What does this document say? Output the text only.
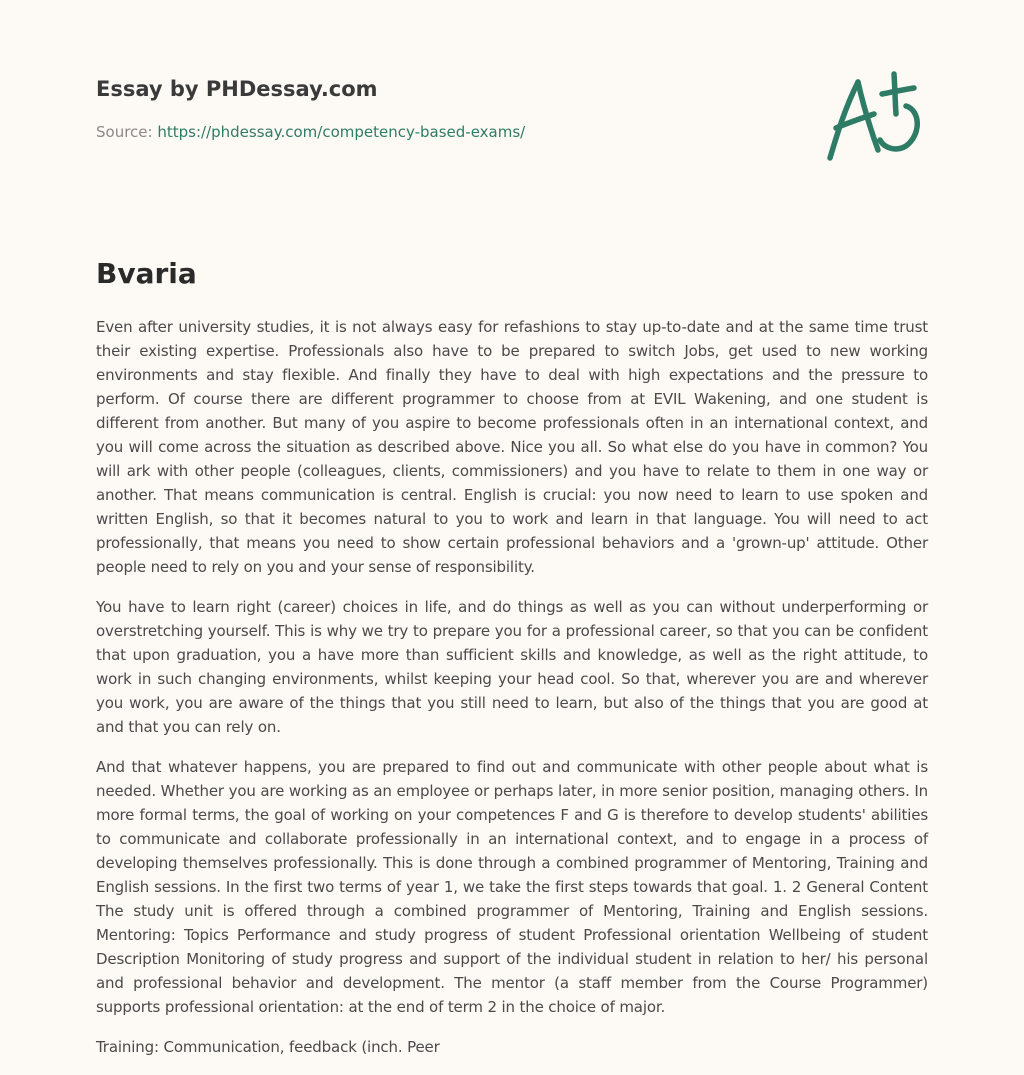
Essay by PHDessay.com
Source: https://phdessay.com/competency-based-exams/
Bvaria

Even after university studies, it is not always easy for refashions to stay up-to-date and at the same time trust their existing expertise. Professionals also have to be prepared to switch Jobs, get used to new working environments and stay flexible. And finally they have to deal with high expectations and the pressure to perform. Of course there are different programmer to choose from at EVIL Wakening, and one student is different from another. But many of you aspire to become professionals often in an international context, and you will come across the situation as described above. Nice you all. So what else do you have in common? You will ark with other people (colleagues, clients, commissioners) and you have to relate to them in one way or another. That means communication is central. English is crucial: you now need to learn to use spoken and written English, so that it becomes natural to you to work and learn in that language. You will need to act professionally, that means you need to show certain professional behaviors and a 'grown-up' attitude. Other people need to rely on you and your sense of responsibility.

You have to learn right (career) choices in life, and do things as well as you can without underperforming or overstretching yourself. This is why we try to prepare you for a professional career, so that you can be confident that upon graduation, you a have more than sufficient skills and knowledge, as well as the right attitude, to work in such changing environments, whilst keeping your head cool. So that, wherever you are and wherever you work, you are aware of the things that you still need to learn, but also of the things that you are good at and that you can rely on.

And that whatever happens, you are prepared to find out and communicate with other people about what is needed. Whether you are working as an employee or perhaps later, in more senior position, managing others. In more formal terms, the goal of working on your competences F and G is therefore to develop students' abilities to communicate and collaborate professionally in an international context, and to engage in a process of developing themselves professionally. This is done through a combined programmer of Mentoring, Training and English sessions. In the first two terms of year 1, we take the first steps towards that goal. 1. 2 General Content The study unit is offered through a combined programmer of Mentoring, Training and English sessions. Mentoring: Topics Performance and study progress of student Professional orientation Wellbeing of student Description Monitoring of study progress and support of the individual student in relation to her/ his personal and professional behavior and development. The mentor (a staff member from the Course Programmer) supports professional orientation: at the end of term 2 in the choice of major.

Training: Communication, feedback (inch. Peer
